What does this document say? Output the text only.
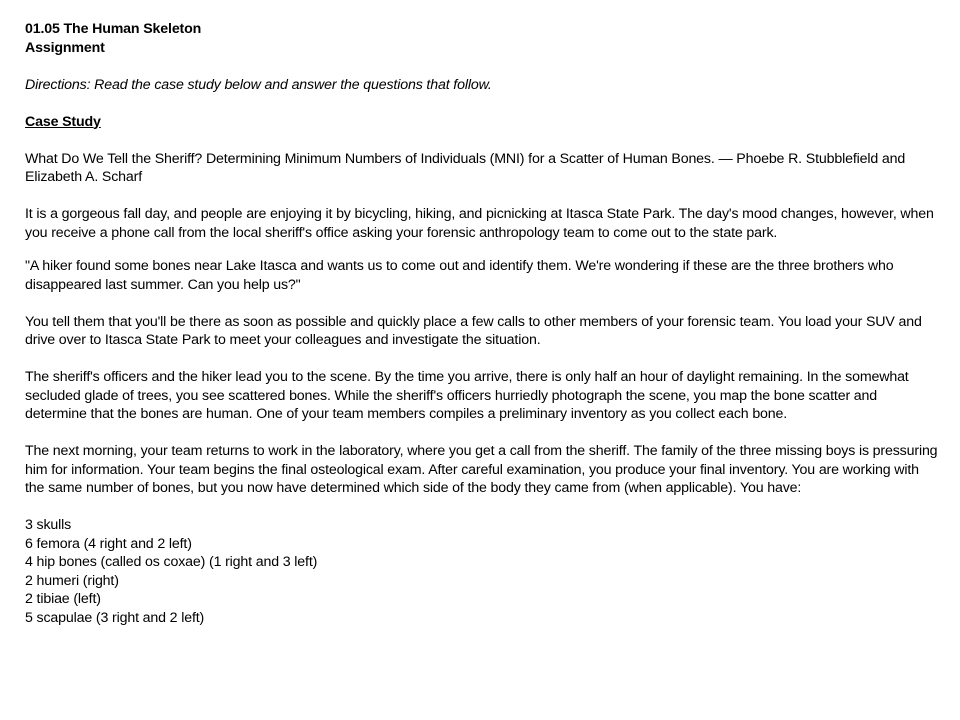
01.05 The Human Skeleton

Assignment

Directions: Read the case study below and answer the questions that follow.

Case Study

What Do We Tell the Sheriff? Determining Minimum Numbers of Individuals (MNI) for a Scatter of Human Bones. — Phoebe R. Stubblefield and Elizabeth A. Scharf

It is a gorgeous fall day, and people are enjoying it by bicycling, hiking, and picnicking at Itasca State Park. The day's mood changes, however, when you receive a phone call from the local sheriff's office asking your forensic anthropology team to come out to the state park.

"A hiker found some bones near Lake Itasca and wants us to come out and identify them. We're wondering if these are the three brothers who disappeared last summer. Can you help us?"

You tell them that you'll be there as soon as possible and quickly place a few calls to other members of your forensic team. You load your SUV and drive over to Itasca State Park to meet your colleagues and investigate the situation.

The sheriff's officers and the hiker lead you to the scene. By the time you arrive, there is only half an hour of daylight remaining. In the somewhat secluded glade of trees, you see scattered bones. While the sheriff's officers hurriedly photograph the scene, you map the bone scatter and determine that the bones are human. One of your team members compiles a preliminary inventory as you collect each bone.

The next morning, your team returns to work in the laboratory, where you get a call from the sheriff. The family of the three missing boys is pressuring him for information. Your team begins the final osteological exam. After careful examination, you produce your final inventory. You are working with the same number of bones, but you now have determined which side of the body they came from (when applicable). You have:

3 skulls
6 femora (4 right and 2 left)
4 hip bones (called os coxae) (1 right and 3 left)
2 humeri (right)
2 tibiae (left)
5 scapulae (3 right and 2 left)
